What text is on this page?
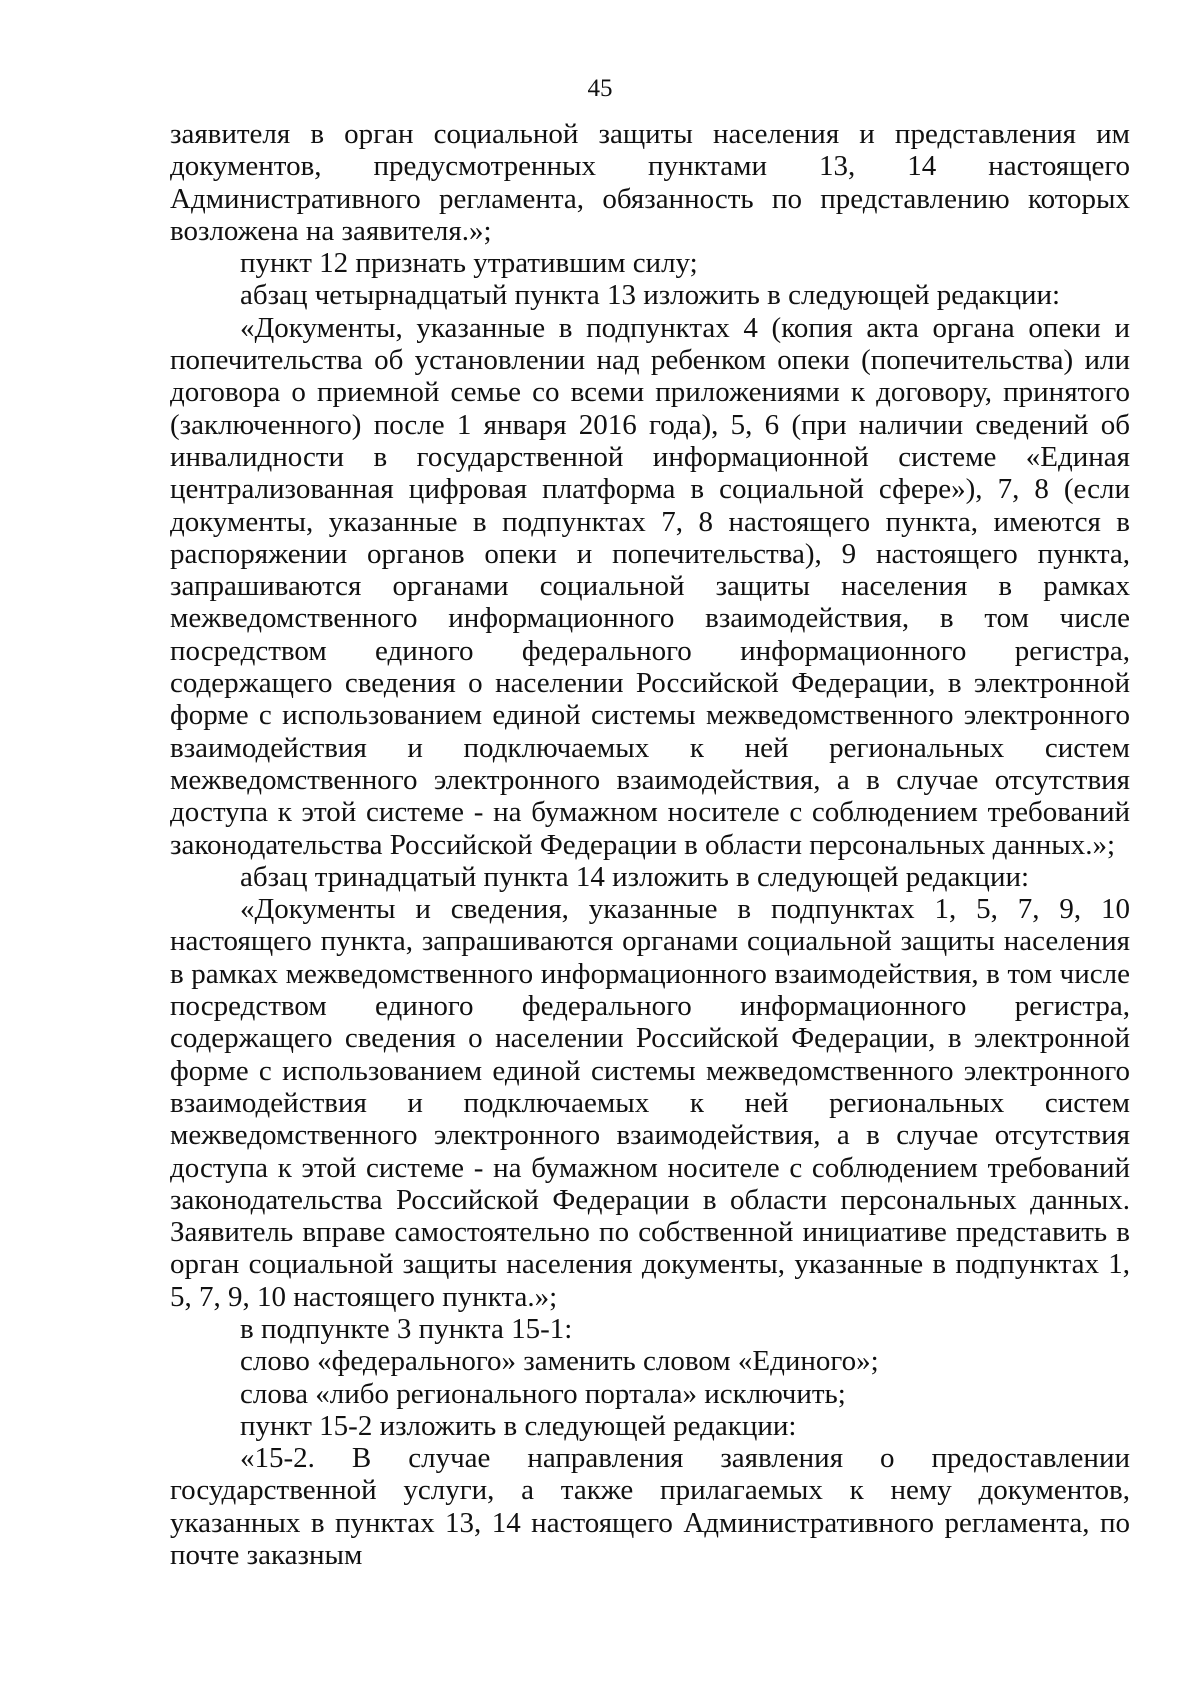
45

заявителя в орган социальной защиты населения и представления им документов, предусмотренных пунктами 13, 14 настоящего Административного регламента, обязанность по представлению которых возложена на заявителя.»;

пункт 12 признать утратившим силу;

абзац четырнадцатый пункта 13 изложить в следующей редакции:

«Документы, указанные в подпунктах 4 (копия акта органа опеки и попечительства об установлении над ребенком опеки (попечительства) или договора о приемной семье со всеми приложениями к договору, принятого (заключенного) после 1 января 2016 года), 5, 6 (при наличии сведений об инвалидности в государственной информационной системе «Единая централизованная цифровая платформа в социальной сфере»), 7, 8 (если документы, указанные в подпунктах 7, 8 настоящего пункта, имеются в распоряжении органов опеки и попечительства), 9 настоящего пункта, запрашиваются органами социальной защиты населения в рамках межведомственного информационного взаимодействия, в том числе посредством единого федерального информационного регистра, содержащего сведения о населении Российской Федерации, в электронной форме с использованием единой системы межведомственного электронного взаимодействия и подключаемых к ней региональных систем межведомственного электронного взаимодействия, а в случае отсутствия доступа к этой системе - на бумажном носителе с соблюдением требований законодательства Российской Федерации в области персональных данных.»;

абзац тринадцатый пункта 14 изложить в следующей редакции:

«Документы и сведения, указанные в подпунктах 1, 5, 7, 9, 10 настоящего пункта, запрашиваются органами социальной защиты населения в рамках межведомственного информационного взаимодействия, в том числе посредством единого федерального информационного регистра, содержащего сведения о населении Российской Федерации, в электронной форме с использованием единой системы межведомственного электронного взаимодействия и подключаемых к ней региональных систем межведомственного электронного взаимодействия, а в случае отсутствия доступа к этой системе - на бумажном носителе с соблюдением требований законодательства Российской Федерации в области персональных данных. Заявитель вправе самостоятельно по собственной инициативе представить в орган социальной защиты населения документы, указанные в подпунктах 1, 5, 7, 9, 10 настоящего пункта.»;

в подпункте 3 пункта 15-1:

слово «федерального» заменить словом «Единого»;

слова «либо регионального портала» исключить;

пункт 15-2 изложить в следующей редакции:

«15-2. В случае направления заявления о предоставлении государственной услуги, а также прилагаемых к нему документов, указанных в пунктах 13, 14 настоящего Административного регламента, по почте заказным
